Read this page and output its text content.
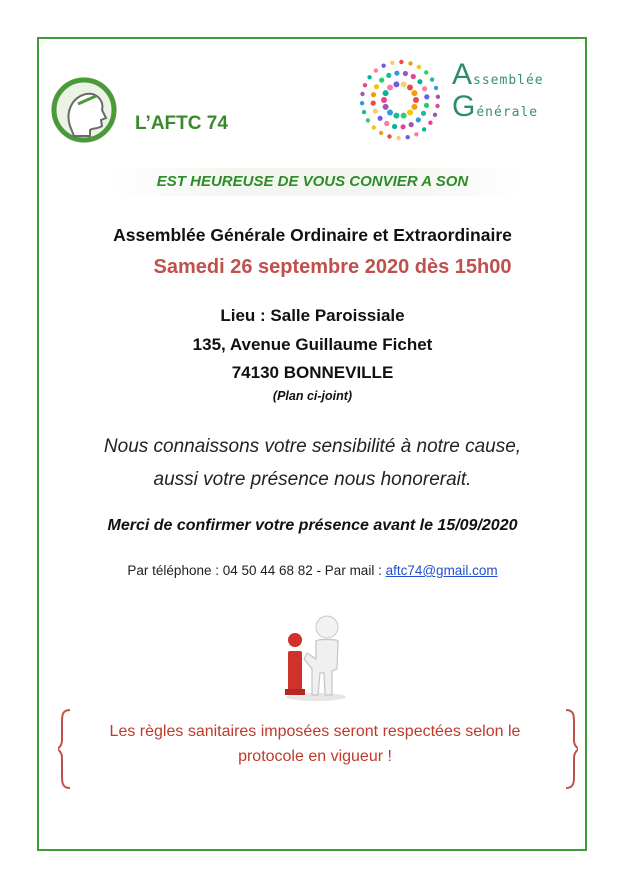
L’AFTC 74
Assemblée
Générale
EST HEUREUSE DE VOUS CONVIER A SON
Assemblée Générale Ordinaire et Extraordinaire
Samedi 26 septembre 2020 dès 15h00
Lieu : Salle Paroissiale
135, Avenue Guillaume Fichet
74130 BONNEVILLE
(Plan ci-joint)
Nous connaissons votre sensibilité à notre cause,
aussi votre présence nous honorerait.
Merci de confirmer votre présence avant le 15/09/2020
Par téléphone : 04 50 44 68 82 - Par mail : aftc74@gmail.com
Les règles sanitaires imposées seront respectées selon le
protocole en vigueur !
